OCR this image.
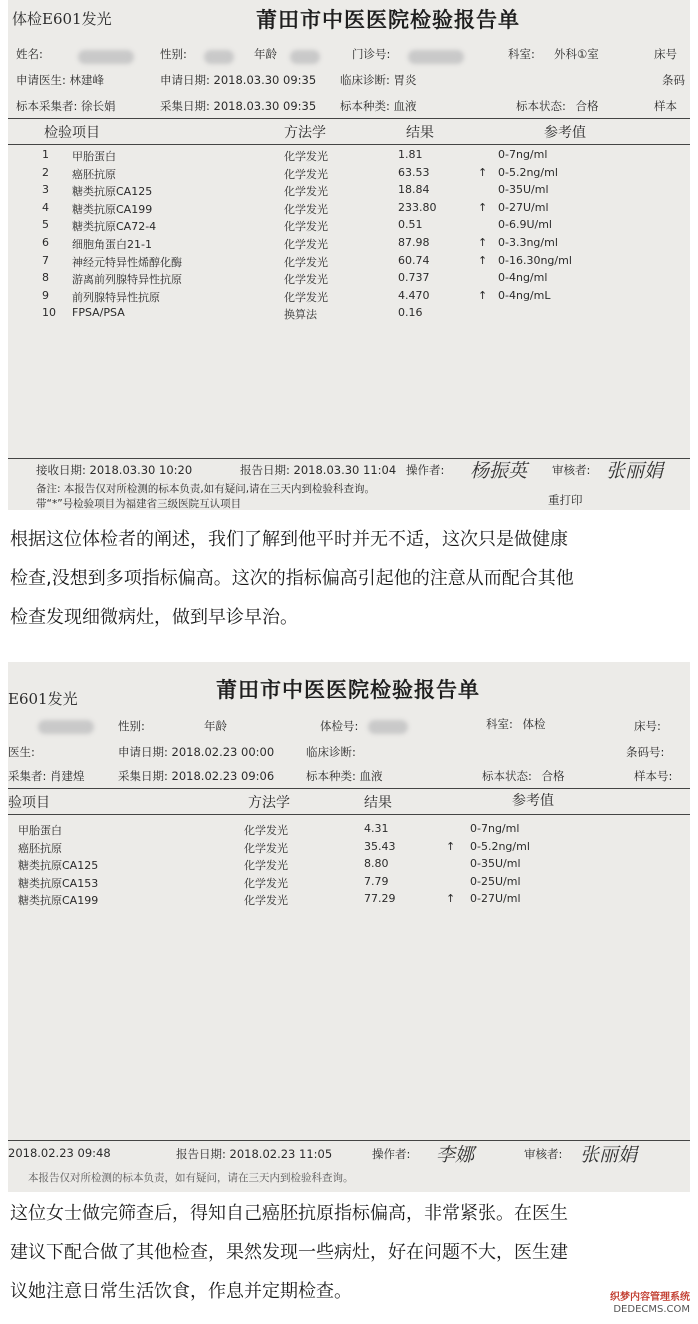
体检E601发光	莆田市中医医院检验报告单
姓名:	性别:	年龄	门诊号:	科室: 外科①室	床号
申请医生: 林建峰	申请日期: 2018.03.30 09:35 临床诊断: 胃炎	条码
标本采集者: 徐长娟	采集日期: 2018.03.30 09:35 标本种类: 血液	标本状态: 合格	样本
检验项目	方法学	结果	参考值
1 甲胎蛋白	化学发光	1.81	0-7ng/ml
2 癌胚抗原	化学发光	63.53	↑ 0-5.2ng/ml
3 糖类抗原CA125	化学发光	18.84	0-35U/ml
4 糖类抗原CA199	化学发光	233.80	↑ 0-27U/ml
5 糖类抗原CA72-4	化学发光	0.51	0-6.9U/ml
6 细胞角蛋白21-1	化学发光	87.98	↑ 0-3.3ng/ml
7 神经元特异性烯醇化酶	化学发光	60.74	↑ 0-16.30ng/ml
8 游离前列腺特异性抗原	化学发光	0.737	0-4ng/ml
9 前列腺特异性抗原	化学发光	4.470	↑ 0-4ng/mL
10 FPSA/PSA	换算法	0.16
接收日期: 2018.03.30 10:20	报告日期: 2018.03.30 11:04 操作者: 杨振英 审核者: 张丽娟
备注: 本报告仅对所检测的标本负责,如有疑问,请在三天内到检验科查询。
带“*”号检验项目为福建省三级医院互认项目	重打印
根据这位体检者的阐述，我们了解到他平时并无不适，这次只是做健康
检查,没想到多项指标偏高。这次的指标偏高引起他的注意从而配合其他
检查发现细微病灶，做到早诊早治。
E601发光	莆田市中医医院检验报告单
性别:	年龄	体检号:	科室: 体检	床号:
医生:	申请日期: 2018.02.23 00:00	临床诊断:	条码号:
采集者: 肖建煌	采集日期: 2018.02.23 09:06	标本种类: 血液	标本状态: 合格	样本号:
验项目	方法学	结果	参考值
甲胎蛋白	化学发光	4.31	0-7ng/ml
癌胚抗原	化学发光	35.43	↑ 0-5.2ng/ml
糖类抗原CA125	化学发光	8.80	0-35U/ml
糖类抗原CA153	化学发光	7.79	0-25U/ml
糖类抗原CA199	化学发光	77.29	↑ 0-27U/ml
2018.02.23 09:48	报告日期: 2018.02.23 11:05	操作者: 李娜	审核者: 张丽娟
本报告仅对所检测的标本负责，如有疑问，请在三天内到检验科查询。
这位女士做完筛查后，得知自己癌胚抗原指标偏高，非常紧张。在医生
建议下配合做了其他检查，果然发现一些病灶，好在问题不大，医生建
议她注意日常生活饮食，作息并定期检查。	织梦内容管理系统
DEDECMS.COM
